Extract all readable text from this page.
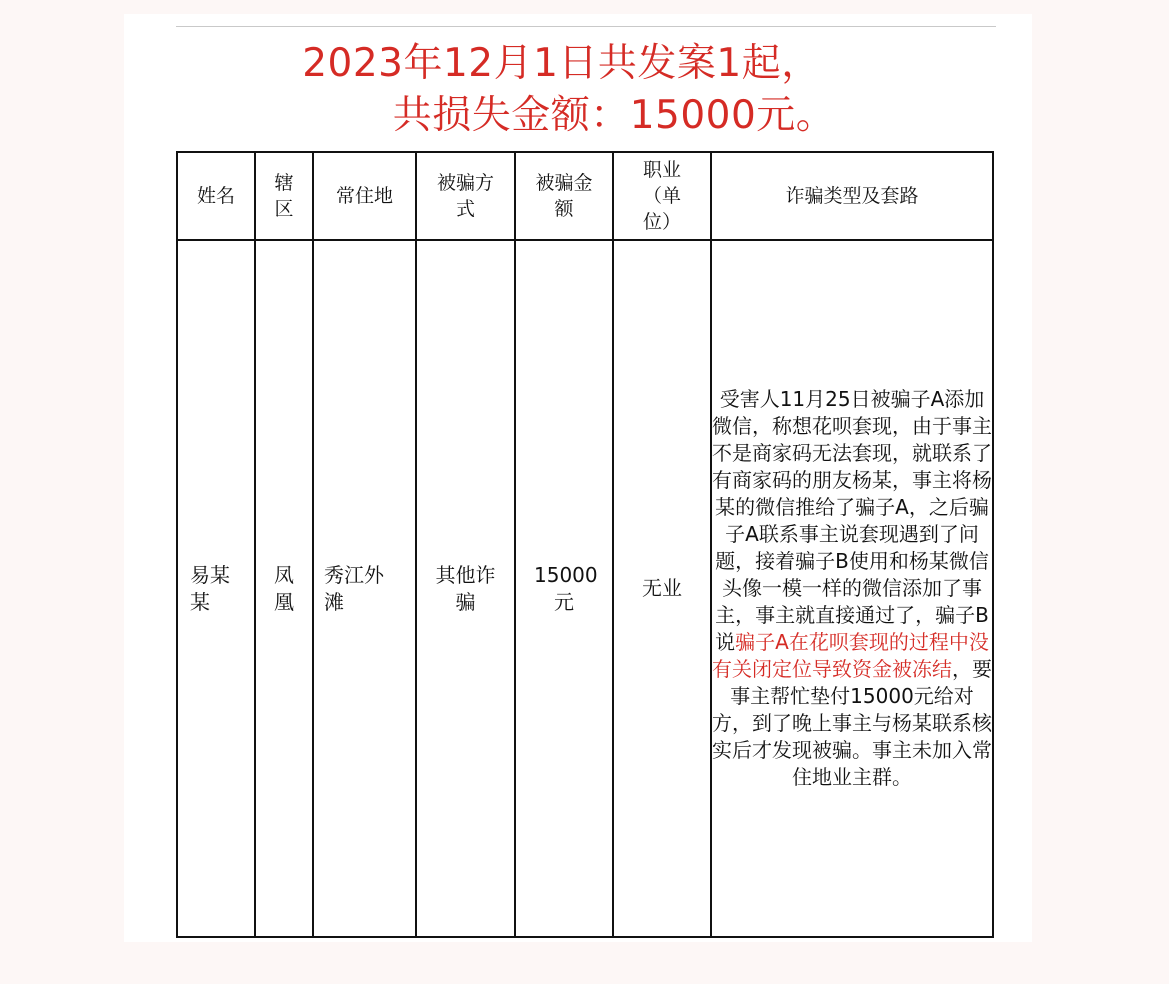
2023年12月1日共发案1起，
共损失金额：15000元。
姓名	辖区	常住地	被骗方式	被骗金额	职业（单位）	诈骗类型及套路
易某某	凤凰	秀江外滩	其他诈骗	15000元	无业	受害人11月25日被骗子A添加微信，称想花呗套现，由于事主不是商家码无法套现，就联系了有商家码的朋友杨某，事主将杨某的微信推给了骗子A，之后骗子A联系事主说套现遇到了问题，接着骗子B使用和杨某微信头像一模一样的微信添加了事主，事主就直接通过了，骗子B说骗子A在花呗套现的过程中没有关闭定位导致资金被冻结，要事主帮忙垫付15000元给对方，到了晚上事主与杨某联系核实后才发现被骗。事主未加入常住地业主群。
